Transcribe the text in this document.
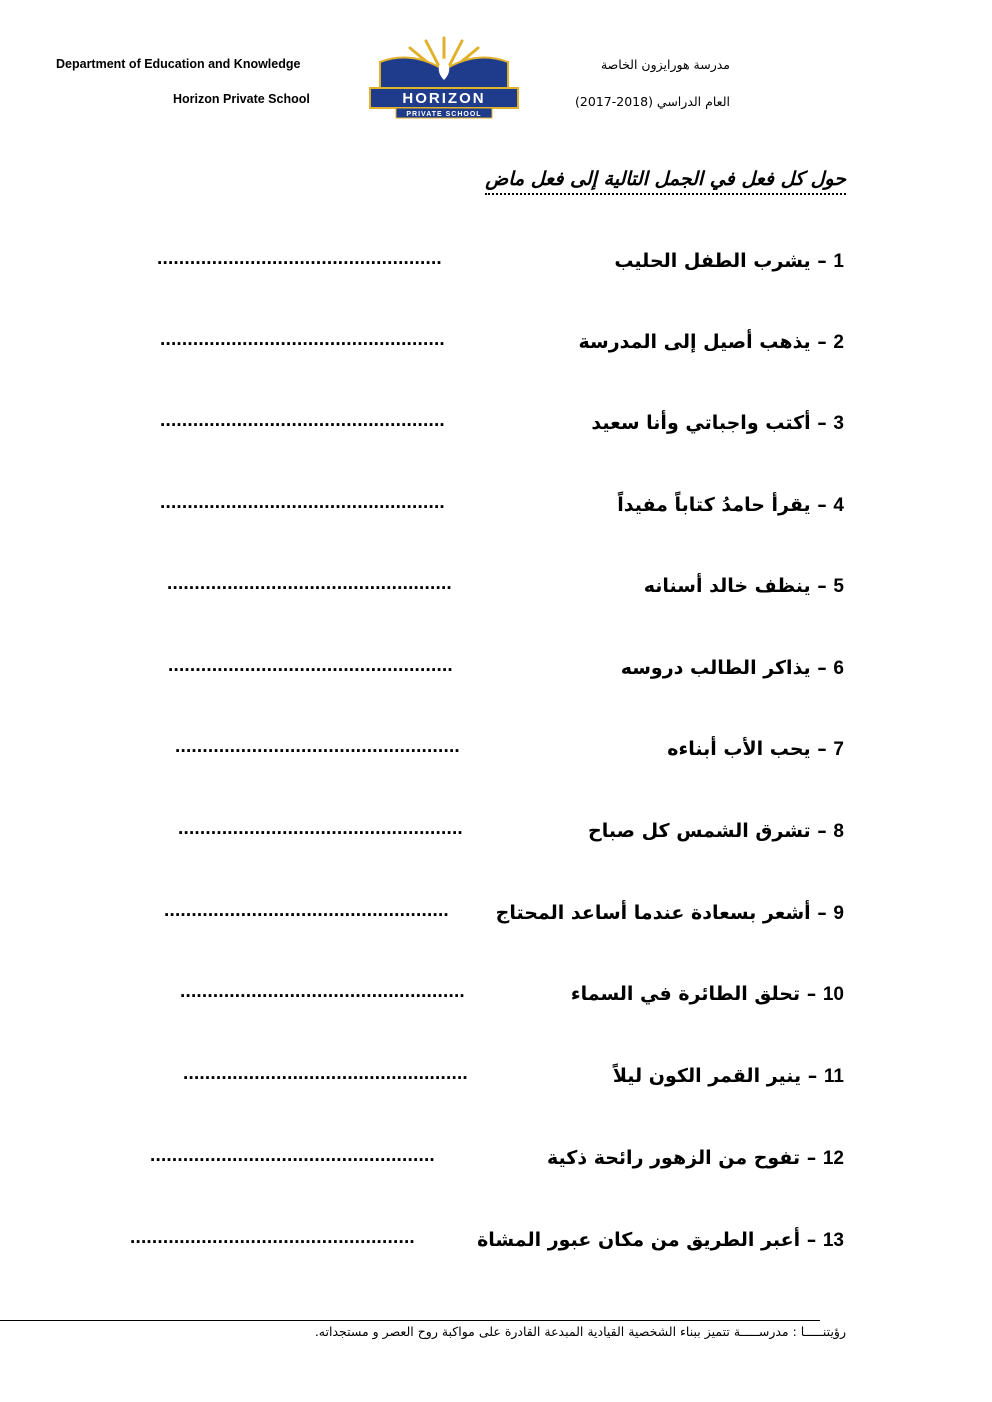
Department of Education and Knowledge
Horizon Private School
مدرسة هورايزون الخاصة
العام الدراسي (2018-2017)
HORIZON
PRIVATE SCHOOL
حول كل فعل في الجمل التالية إلى فعل ماض
1 – يشرب الطفل الحليب
....................................................
2 – يذهب أصيل إلى المدرسة
....................................................
3 – أكتب واجباتي وأنا سعيد
....................................................
4 – يقرأ حامدُ كتاباً مفيداً
....................................................
5 – ينظف خالد أسنانه
....................................................
6 – يذاكر الطالب دروسه
....................................................
7 – يحب الأب أبناءه
....................................................
8 – تشرق الشمس كل صباح
....................................................
9 – أشعر بسعادة عندما أساعد المحتاج
....................................................
10 – تحلق الطائرة في السماء
....................................................
11 – ينير القمر الكون ليلاً
....................................................
12 – تفوح من الزهور رائحة ذكية
....................................................
13 – أعبر الطريق من مكان عبور المشاة
....................................................
رؤيتنـــــا : مدرســـــة تتميز ببناء الشخصية القيادية المبدعة القادرة على مواكبة روح العصر و مستجداته.
